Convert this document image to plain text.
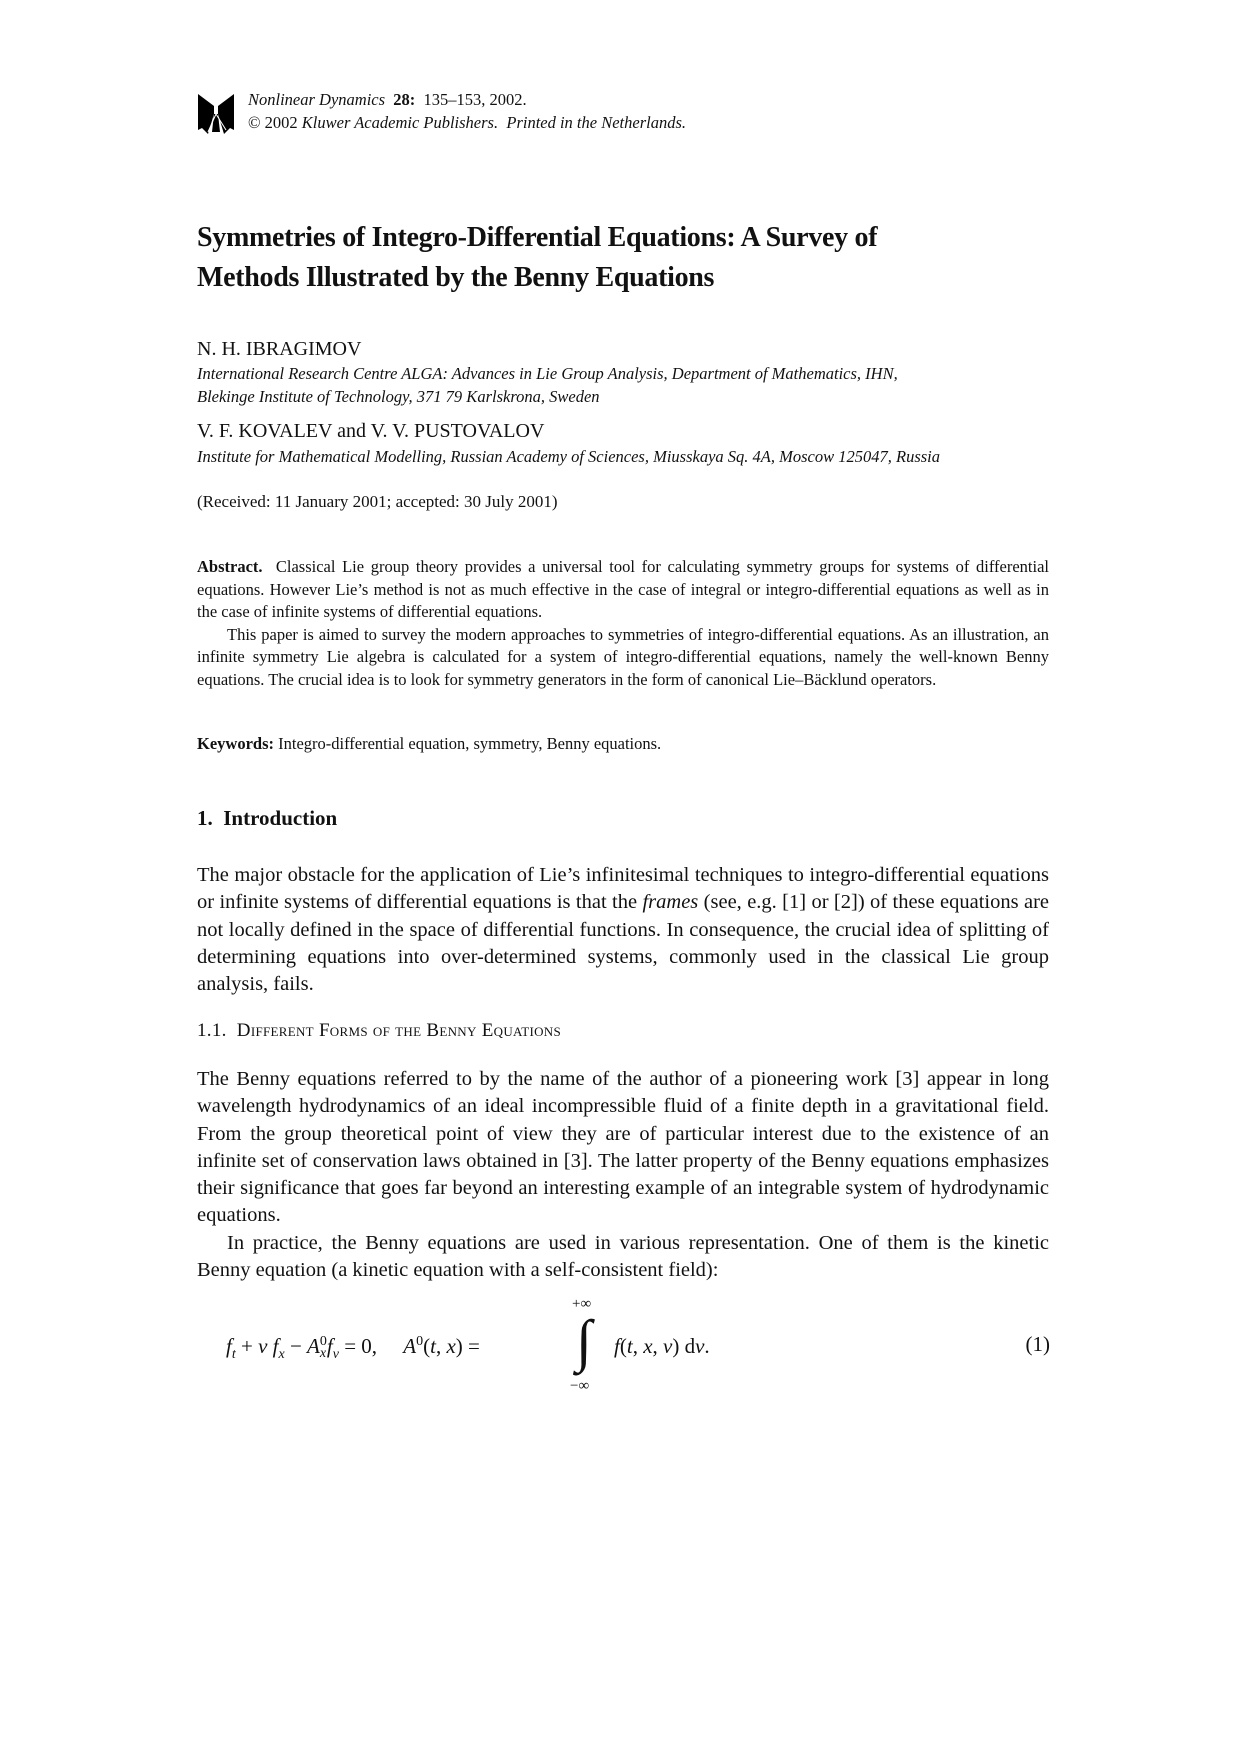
Nonlinear Dynamics 28: 135–153, 2002.
© 2002 Kluwer Academic Publishers. Printed in the Netherlands.
Symmetries of Integro-Differential Equations: A Survey of
Methods Illustrated by the Benny Equations
N. H. IBRAGIMOV
International Research Centre ALGA: Advances in Lie Group Analysis, Department of Mathematics, IHN,
Blekinge Institute of Technology, 371 79 Karlskrona, Sweden
V. F. KOVALEV and V. V. PUSTOVALOV
Institute for Mathematical Modelling, Russian Academy of Sciences, Miusskaya Sq. 4A, Moscow 125047, Russia
(Received: 11 January 2001; accepted: 30 July 2001)

Abstract. Classical Lie group theory provides a universal tool for calculating symmetry groups for systems of differential equations. However Lie’s method is not as much effective in the case of integral or integro-differential equations as well as in the case of infinite systems of differential equations.

This paper is aimed to survey the modern approaches to symmetries of integro-differential equations. As an illustration, an infinite symmetry Lie algebra is calculated for a system of integro-differential equations, namely the well-known Benny equations. The crucial idea is to look for symmetry generators in the form of canonical Lie–Bäcklund operators.

Keywords: Integro-differential equation, symmetry, Benny equations.
1.  Introduction

The major obstacle for the application of Lie’s infinitesimal techniques to integro-differential equations or infinite systems of differential equations is that the frames (see, e.g. [1] or [2]) of these equations are not locally defined in the space of differential functions. In consequence, the crucial idea of splitting of determining equations into over-determined systems, commonly used in the classical Lie group analysis, fails.

1.1.  Different Forms of the Benny Equations

The Benny equations referred to by the name of the author of a pioneering work [3] appear in long wavelength hydrodynamics of an ideal incompressible fluid of a finite depth in a gravitational field. From the group theoretical point of view they are of particular interest due to the existence of an infinite set of conservation laws obtained in [3]. The latter property of the Benny equations emphasizes their significance that goes far beyond an interesting example of an integrable system of hydrodynamic equations.

In practice, the Benny equations are used in various representation. One of them is the kinetic Benny equation (a kinetic equation with a self-consistent field):

$f_t + v$ $f_x - A$ 0
x $f_v = 0$,     $A^0(t$, x) =
+∞
∫
−∞
f(t, x, v) dv.	(1)
